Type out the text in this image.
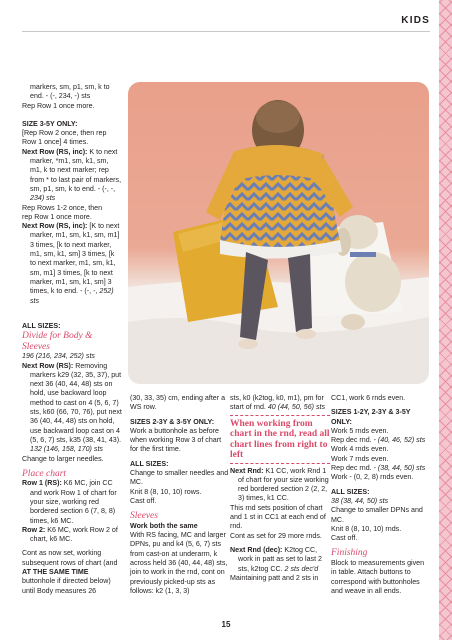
KIDS

markers, sm, p1, sm, k to

end. - (-, 234, -) sts

Rep Row 1 once more.

SIZE 3-5Y ONLY:

[Rep Row 2 once, then rep

Row 1 once] 4 times.

Next Row (RS, inc): K to next marker, *m1, sm, k1, sm, m1, k to next marker; rep from * to last pair of markers, sm, p1, sm, k to end. - (-, -, 234) sts

Rep Rows 1-2 once, then

rep Row 1 once more.

Next Row (RS, inc): [K to next marker, m1, sm, k1, sm, m1] 3 times, [k to next marker, m1, sm, k1, sm] 3 times, [k to next marker, m1, sm, k1, sm, m1] 3 times, [k to next marker, m1, sm, k1, sm] 3 times, k to end. - (-, -, 252) sts

ALL SIZES:

Divide for Body & Sleeves

196 (216, 234, 252) sts

Next Row (RS): Removing markers k29 (32, 35, 37), put next 36 (40, 44, 48) sts on hold, use backward loop method to cast on 4 (5, 6, 7) sts, k60 (66, 70, 76), put next 36 (40, 44, 48) sts on hold, use backward loop cast on 4 (5, 6, 7) sts, k35 (38, 41, 43).

132 (146, 158, 170) sts

Change to larger needles.

Place chart

Row 1 (RS): K6 MC, join CC and work Row 1 of chart for your size, working red bordered section 6 (7, 8, 8) times, k6 MC.

Row 2: K6 MC, work Row 2 of chart, k6 MC.

Cont as now set, working subsequent rows of chart (and AT THE SAME TIME buttonhole if directed below) until Body measures 26

(30, 33, 35) cm, ending after a WS row.

SIZES 2-3Y & 3-5Y ONLY:

Work a buttonhole as before when working Row 3 of chart for the first time.

ALL SIZES:

Change to smaller needles and MC.

Knit 8 (8, 10, 10) rows.

Cast off.

Sleeves

Work both the same

With RS facing, MC and larger DPNs, pu and k4 (5, 6, 7) sts from cast-on at underarm, k across held 36 (40, 44, 48) sts, join to work in the rnd, cont on previously picked-up sts as follows: k2 (1, 3, 3)

sts, k0 (k2tog, k0, m1), pm for start of rnd. 40 (44, 50, 56) sts

When working from chart in the rnd, read all chart lines from right to left

Next Rnd: K1 CC, work Rnd 1 of chart for your size working red bordered section 2 (2, 2, 3) times, k1 CC.

This rnd sets position of chart and 1 st in CC1 at each end of rnd.

Cont as set for 29 more rnds.

Next Rnd (dec): K2tog CC, work in patt as set to last 2 sts, k2tog CC. 2 sts dec'd

Maintaining patt and 2 sts in

CC1, work 6 rnds even.

SIZES 1-2Y, 2-3Y & 3-5Y ONLY:

Work 5 rnds even.

Rep dec rnd. - (40, 46, 52) sts

Work 4 rnds even.

Work 7 rnds even.

Rep dec rnd. - (38, 44, 50) sts

Work - (0, 2, 8) rnds even.

ALL SIZES:

38 (38, 44, 50) sts

Change to smaller DPNs and MC.

Knit 8 (8, 10, 10) rnds.

Cast off.

Finishing

Block to measurements given in table. Attach buttons to correspond with buttonholes and weave in all ends.

15
